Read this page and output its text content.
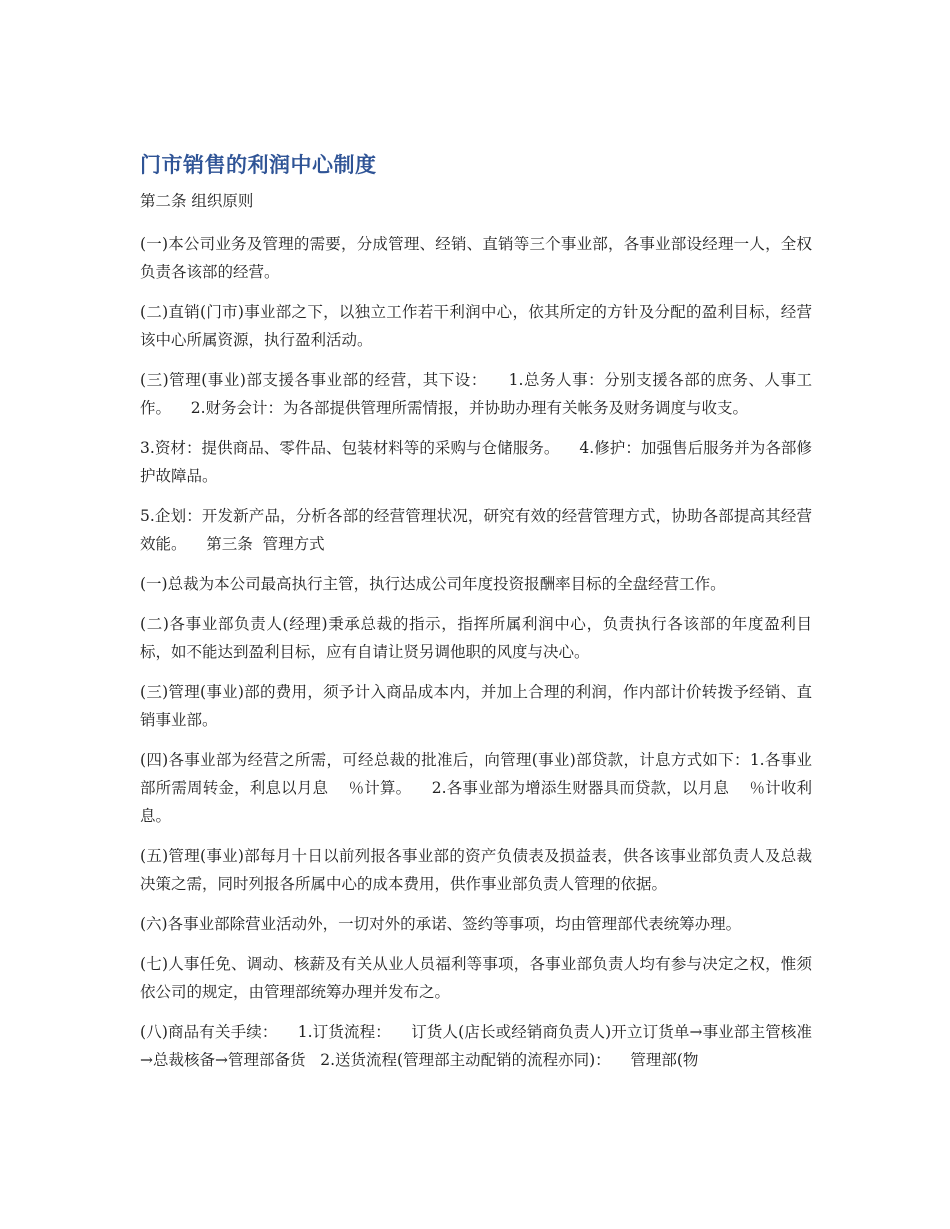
门市销售的利润中心制度
第二条 组织原则

(一)本公司业务及管理的需要，分成管理、经销、直销等三个事业部，各事业部设经理一人，全权负责各该部的经营。

(二)直销(门市)事业部之下，以独立工作若干利润中心，依其所定的方针及分配的盈利目标，经营该中心所属资源，执行盈利活动。

(三)管理(事业)部支援各事业部的经营，其下设：    1.总务人事：分别支援各部的庶务、人事工作。    2.财务会计：为各部提供管理所需情报，并协助办理有关帐务及财务调度与收支。

3.资材：提供商品、零件品、包装材料等的采购与仓储服务。    4.修护：加强售后服务并为各部修护故障品。

5.企划：开发新产品，分析各部的经营管理状况，研究有效的经营管理方式，协助各部提高其经营效能。    第三条  管理方式

(一)总裁为本公司最高执行主管，执行达成公司年度投资报酬率目标的全盘经营工作。

(二)各事业部负责人(经理)秉承总裁的指示，指挥所属利润中心，负责执行各该部的年度盈利目标，如不能达到盈利目标，应有自请让贤另调他职的风度与决心。

(三)管理(事业)部的费用，须予计入商品成本内，并加上合理的利润，作内部计价转拨予经销、直销事业部。

(四)各事业部为经营之所需，可经总裁的批准后，向管理(事业)部贷款，计息方式如下：1.各事业部所需周转金，利息以月息    ％计算。    2.各事业部为增添生财器具而贷款，以月息    ％计收利息。

(五)管理(事业)部每月十日以前列报各事业部的资产负债表及损益表，供各该事业部负责人及总裁决策之需，同时列报各所属中心的成本费用，供作事业部负责人管理的依据。

(六)各事业部除营业活动外，一切对外的承诺、签约等事项，均由管理部代表统筹办理。

(七)人事任免、调动、核薪及有关从业人员福利等事项，各事业部负责人均有参与决定之权，惟须依公司的规定，由管理部统筹办理并发布之。

(八)商品有关手续：    1.订货流程：    订货人(店长或经销商负责人)开立订货单→事业部主管核准→总裁核备→管理部备货   2.送货流程(管理部主动配销的流程亦同)：    管理部(物
